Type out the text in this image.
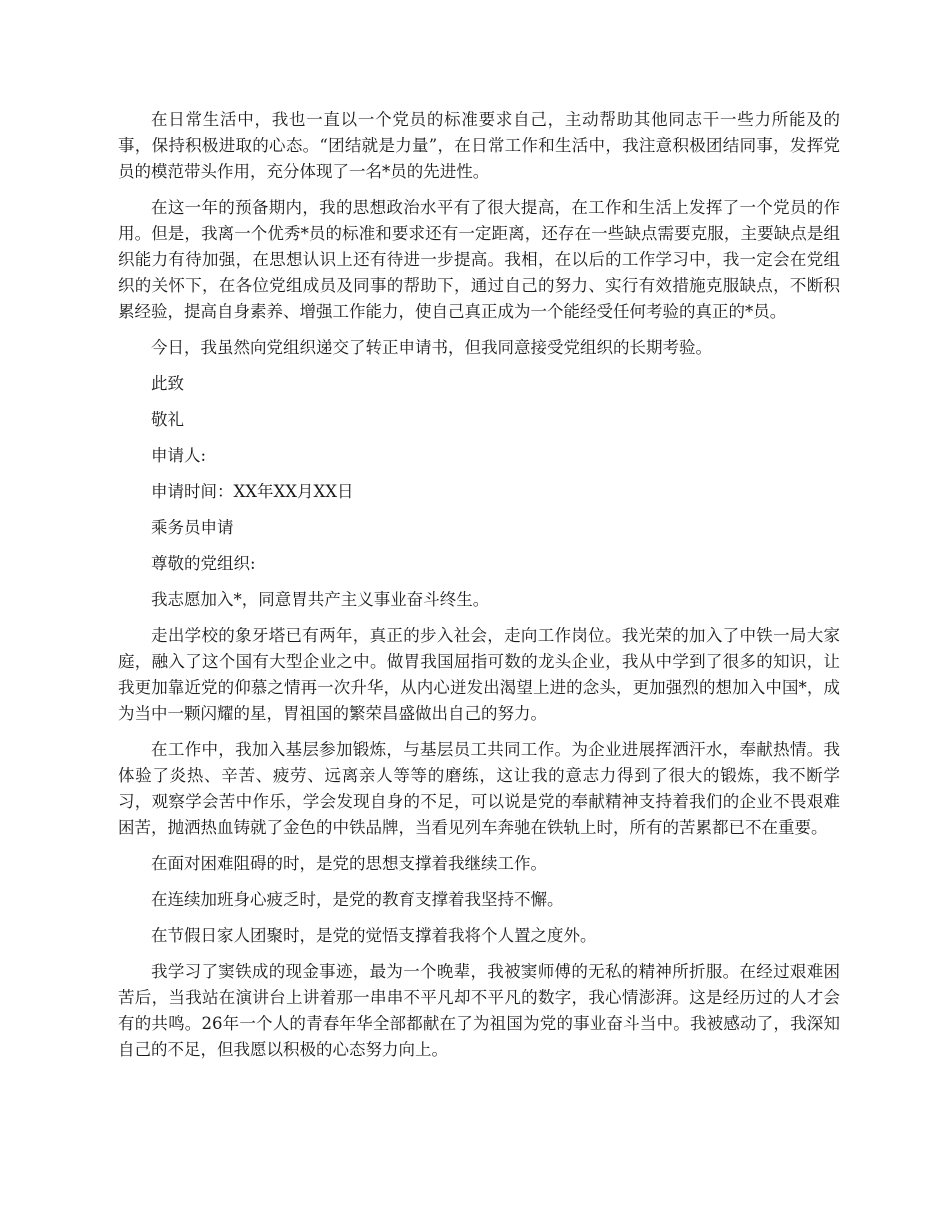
在日常生活中，我也一直以一个党员的标准要求自己，主动帮助其他同志干一些力所能及的事，保持积极进取的心态。“团结就是力量”，在日常工作和生活中，我注意积极团结同事，发挥党员的模范带头作用，充分体现了一名*员的先进性。

在这一年的预备期内，我的思想政治水平有了很大提高，在工作和生活上发挥了一个党员的作用。但是，我离一个优秀*员的标准和要求还有一定距离，还存在一些缺点需要克服，主要缺点是组织能力有待加强，在思想认识上还有待进一步提高。我相，在以后的工作学习中，我一定会在党组织的关怀下，在各位党组成员及同事的帮助下，通过自己的努力、实行有效措施克服缺点，不断积累经验，提高自身素养、增强工作能力，使自己真正成为一个能经受任何考验的真正的*员。

今日，我虽然向党组织递交了转正申请书，但我同意接受党组织的长期考验。

此致

敬礼

申请人:

申请时间：XX年XX月XX日

乘务员申请

尊敬的党组织:

我志愿加入*，同意胃共产主义事业奋斗终生。

走出学校的象牙塔已有两年，真正的步入社会，走向工作岗位。我光荣的加入了中铁一局大家庭，融入了这个国有大型企业之中。做胃我国屈指可数的龙头企业，我从中学到了很多的知识，让我更加靠近党的仰慕之情再一次升华，从内心迸发出渴望上进的念头，更加强烈的想加入中国*，成为当中一颗闪耀的星，胃祖国的繁荣昌盛做出自己的努力。

在工作中，我加入基层参加锻炼，与基层员工共同工作。为企业进展挥洒汗水，奉献热情。我体验了炎热、辛苦、疲劳、远离亲人等等的磨练，这让我的意志力得到了很大的锻炼，我不断学习，观察学会苦中作乐，学会发现自身的不足，可以说是党的奉献精神支持着我们的企业不畏艰难困苦，抛洒热血铸就了金色的中铁品牌，当看见列车奔驰在铁轨上时，所有的苦累都已不在重要。

在面对困难阻碍的时，是党的思想支撑着我继续工作。

在连续加班身心疲乏时，是党的教育支撑着我坚持不懈。

在节假日家人团聚时，是党的觉悟支撑着我将个人置之度外。

我学习了窦铁成的现金事迹，最为一个晚辈，我被窦师傅的无私的精神所折服。在经过艰难困苦后，当我站在演讲台上讲着那一串串不平凡却不平凡的数字，我心情澎湃。这是经历过的人才会有的共鸣。26年一个人的青春年华全部都献在了为祖国为党的事业奋斗当中。我被感动了，我深知自己的不足，但我愿以积极的心态努力向上。
